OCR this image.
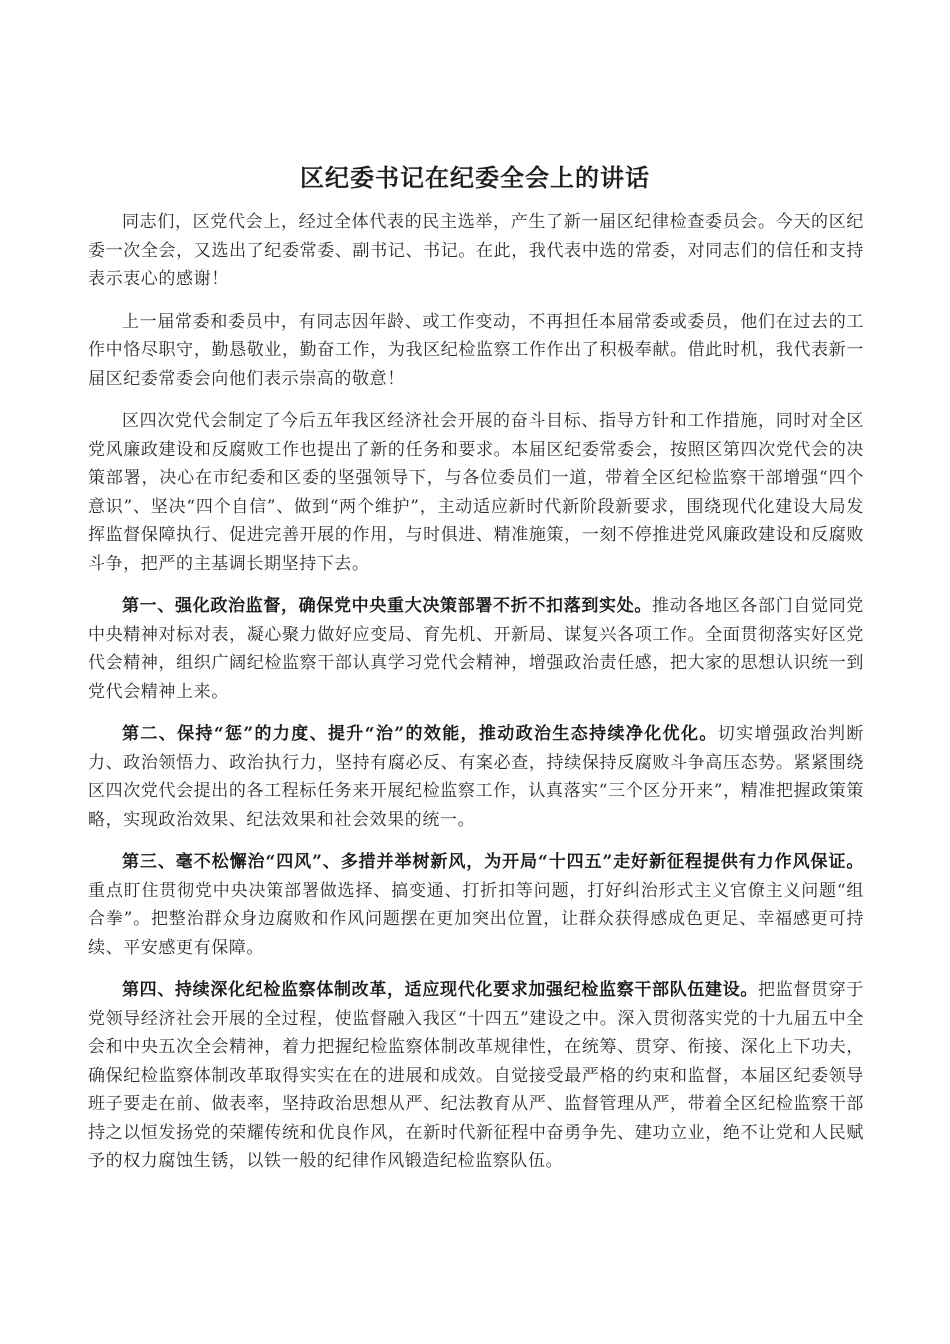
区纪委书记在纪委全会上的讲话

同志们，区党代会上，经过全体代表的民主选举，产生了新一届区纪律检查委员会。今天的区纪委一次全会，又选出了纪委常委、副书记、书记。在此，我代表中选的常委，对同志们的信任和支持表示衷心的感谢！

上一届常委和委员中，有同志因年龄、或工作变动，不再担任本届常委或委员，他们在过去的工作中恪尽职守，勤恳敬业，勤奋工作，为我区纪检监察工作作出了积极奉献。借此时机，我代表新一届区纪委常委会向他们表示崇高的敬意！

区四次党代会制定了今后五年我区经济社会开展的奋斗目标、指导方针和工作措施，同时对全区党风廉政建设和反腐败工作也提出了新的任务和要求。本届区纪委常委会，按照区第四次党代会的决策部署，决心在市纪委和区委的坚强领导下，与各位委员们一道，带着全区纪检监察干部增强“四个意识”、坚决“四个自信”、做到“两个维护”，主动适应新时代新阶段新要求，围绕现代化建设大局发挥监督保障执行、促进完善开展的作用，与时俱进、精准施策，一刻不停推进党风廉政建设和反腐败斗争，把严的主基调长期坚持下去。

第一、强化政治监督，确保党中央重大决策部署不折不扣落到实处。推动各地区各部门自觉同党中央精神对标对表，凝心聚力做好应变局、育先机、开新局、谋复兴各项工作。全面贯彻落实好区党代会精神，组织广阔纪检监察干部认真学习党代会精神，增强政治责任感，把大家的思想认识统一到党代会精神上来。

第二、保持“惩”的力度、提升“治”的效能，推动政治生态持续净化优化。切实增强政治判断力、政治领悟力、政治执行力，坚持有腐必反、有案必查，持续保持反腐败斗争高压态势。紧紧围绕区四次党代会提出的各工程标任务来开展纪检监察工作，认真落实“三个区分开来”，精准把握政策策略，实现政治效果、纪法效果和社会效果的统一。

第三、毫不松懈治“四风”、多措并举树新风，为开局“十四五”走好新征程提供有力作风保证。重点盯住贯彻党中央决策部署做选择、搞变通、打折扣等问题，打好纠治形式主义官僚主义问题“组合拳”。把整治群众身边腐败和作风问题摆在更加突出位置，让群众获得感成色更足、幸福感更可持续、平安感更有保障。

第四、持续深化纪检监察体制改革，适应现代化要求加强纪检监察干部队伍建设。把监督贯穿于党领导经济社会开展的全过程，使监督融入我区“十四五”建设之中。深入贯彻落实党的十九届五中全会和中央五次全会精神，着力把握纪检监察体制改革规律性，在统筹、贯穿、衔接、深化上下功夫，确保纪检监察体制改革取得实实在在的进展和成效。自觉接受最严格的约束和监督，本届区纪委领导班子要走在前、做表率，坚持政治思想从严、纪法教育从严、监督管理从严，带着全区纪检监察干部持之以恒发扬党的荣耀传统和优良作风，在新时代新征程中奋勇争先、建功立业，绝不让党和人民赋予的权力腐蚀生锈，以铁一般的纪律作风锻造纪检监察队伍。
